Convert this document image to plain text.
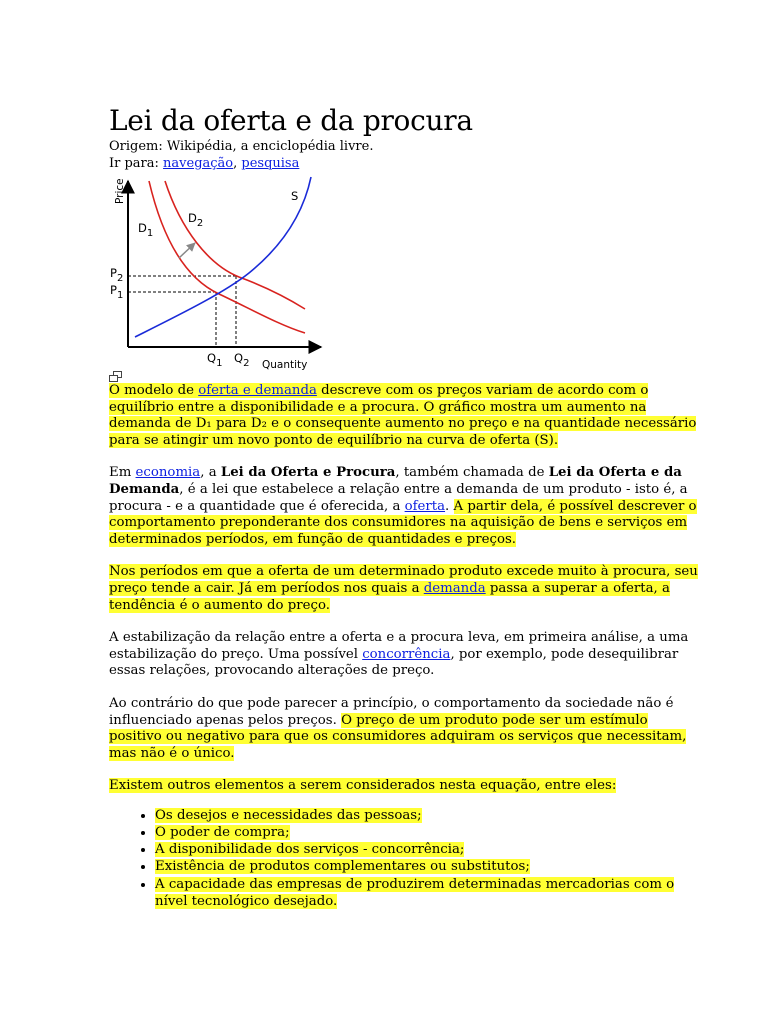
Lei da oferta e da procura
Origem: Wikipédia, a enciclopédia livre.
Ir para: navegação, pesquisa
Price
Quantity
S
D1
D2
P2
P1
Q1 Q2

O modelo de oferta e demanda descreve com os preços variam de acordo com o equilíbrio entre a disponibilidade e a procura. O gráfico mostra um aumento na demanda de D₁ para D₂ e o consequente aumento no preço e na quantidade necessário para se atingir um novo ponto de equilíbrio na curva de oferta (S).

Em economia, a Lei da Oferta e Procura, também chamada de Lei da Oferta e da Demanda, é a lei que estabelece a relação entre a demanda de um produto - isto é, a procura - e a quantidade que é oferecida, a oferta. A partir dela, é possível descrever o comportamento preponderante dos consumidores na aquisição de bens e serviços em determinados períodos, em função de quantidades e preços.

Nos períodos em que a oferta de um determinado produto excede muito à procura, seu preço tende a cair. Já em períodos nos quais a demanda passa a superar a oferta, a tendência é o aumento do preço.

A estabilização da relação entre a oferta e a procura leva, em primeira análise, a uma estabilização do preço. Uma possível concorrência, por exemplo, pode desequilibrar essas relações, provocando alterações de preço.

Ao contrário do que pode parecer a princípio, o comportamento da sociedade não é influenciado apenas pelos preços. O preço de um produto pode ser um estímulo positivo ou negativo para que os consumidores adquiram os serviços que necessitam, mas não é o único.

Existem outros elementos a serem considerados nesta equação, entre eles:

• Os desejos e necessidades das pessoas;
• O poder de compra;
• A disponibilidade dos serviços - concorrência;
• Existência de produtos complementares ou substitutos;
• A capacidade das empresas de produzirem determinadas mercadorias com o nível tecnológico desejado.
